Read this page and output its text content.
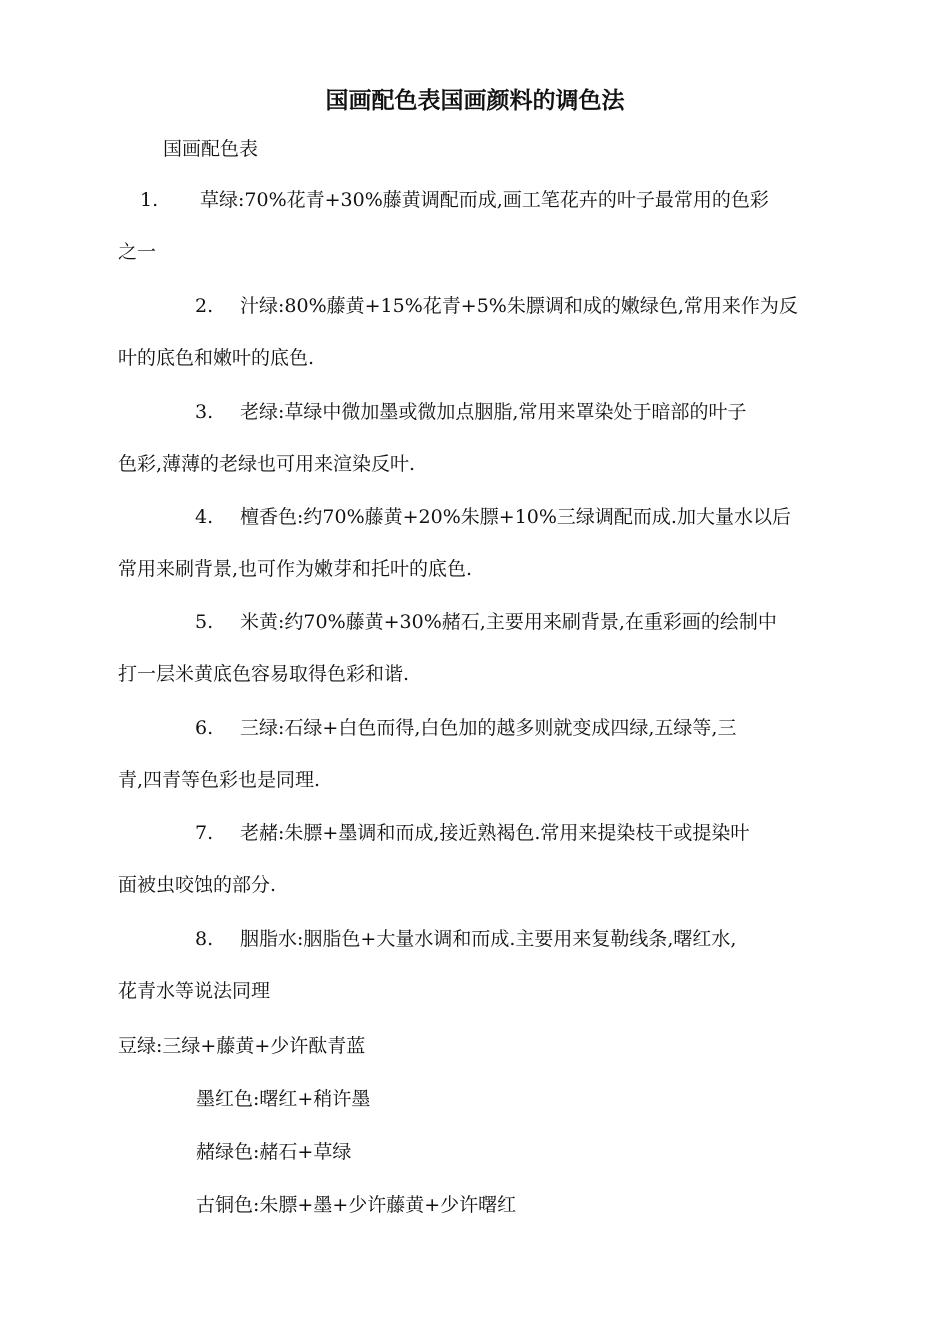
国画配色表国画颜料的调色法
国画配色表
1. 草绿:70%花青+30%藤黄调配而成,画工笔花卉的叶子最常用的色彩
之一
2. 汁绿:80%藤黄+15%花青+5%朱膘调和成的嫩绿色,常用来作为反
叶的底色和嫩叶的底色.
3. 老绿:草绿中微加墨或微加点胭脂,常用来罩染处于暗部的叶子
色彩,薄薄的老绿也可用来渲染反叶.
4. 檀香色:约70%藤黄+20%朱膘+10%三绿调配而成.加大量水以后
常用来刷背景,也可作为嫩芽和托叶的底色.
5. 米黄:约70%藤黄+30%赭石,主要用来刷背景,在重彩画的绘制中
打一层米黄底色容易取得色彩和谐.
6. 三绿:石绿+白色而得,白色加的越多则就变成四绿,五绿等,三
青,四青等色彩也是同理.
7. 老赭:朱膘+墨调和而成,接近熟褐色.常用来提染枝干或提染叶
面被虫咬蚀的部分.
8. 胭脂水:胭脂色+大量水调和而成.主要用来复勒线条,曙红水,
花青水等说法同理
豆绿:三绿+藤黄+少许酞青蓝
墨红色:曙红+稍许墨
赭绿色:赭石+草绿
古铜色:朱膘+墨+少许藤黄+少许曙红
